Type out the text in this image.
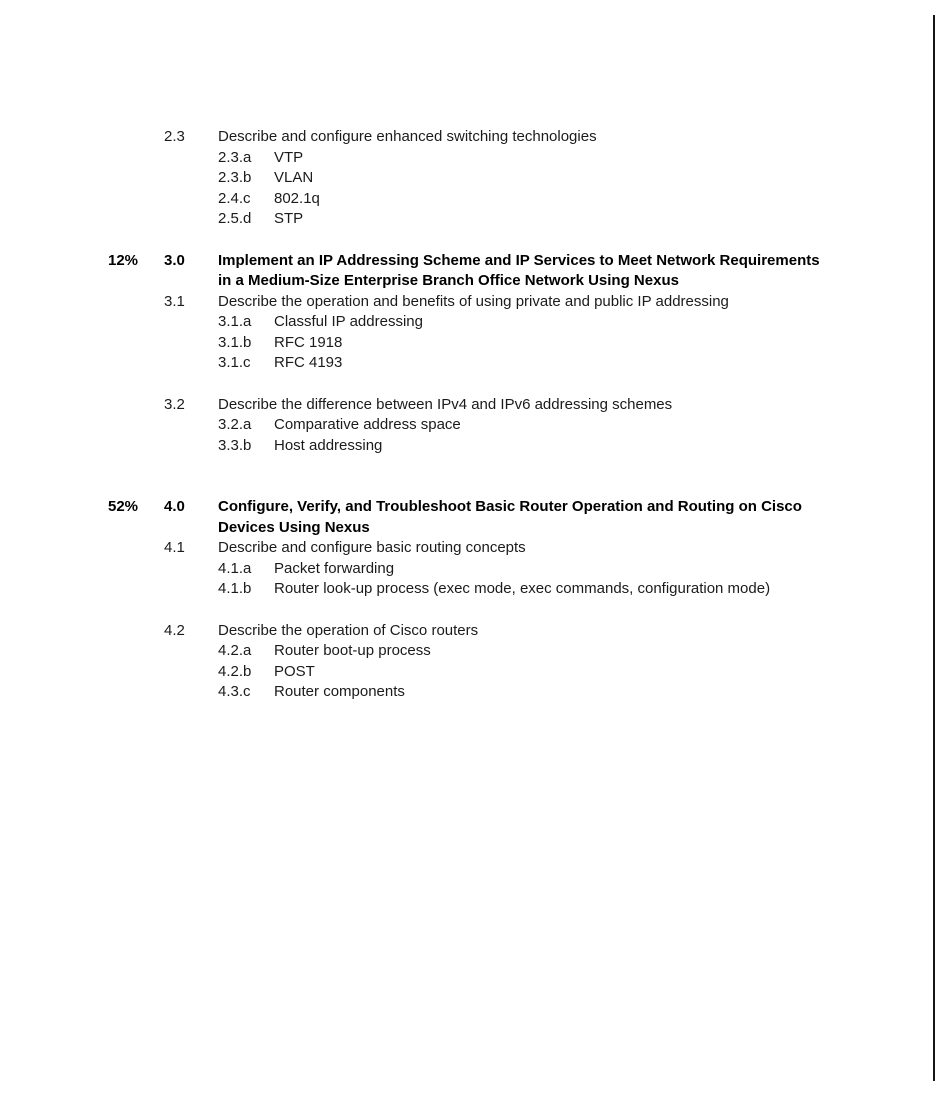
2.3	Describe and configure enhanced switching technologies
2.3.a	VTP
2.3.b	VLAN
2.4.c	802.1q
2.5.d	STP
12%	3.0	Implement an IP Addressing Scheme and IP Services to Meet Network Requirements
in a Medium-Size Enterprise Branch Office Network Using Nexus
3.1	Describe the operation and benefits of using private and public IP addressing
3.1.a	Classful IP addressing
3.1.b	RFC 1918
3.1.c	RFC 4193
3.2	Describe the difference between IPv4 and IPv6 addressing schemes
3.2.a	Comparative address space
3.3.b	Host addressing
52%	4.0	Configure, Verify, and Troubleshoot Basic Router Operation and Routing on Cisco
Devices Using Nexus
4.1	Describe and configure basic routing concepts
4.1.a	Packet forwarding
4.1.b	Router look-up process (exec mode, exec commands, configuration mode)
4.2	Describe the operation of Cisco routers
4.2.a	Router boot-up process
4.2.b	POST
4.3.c	Router components
